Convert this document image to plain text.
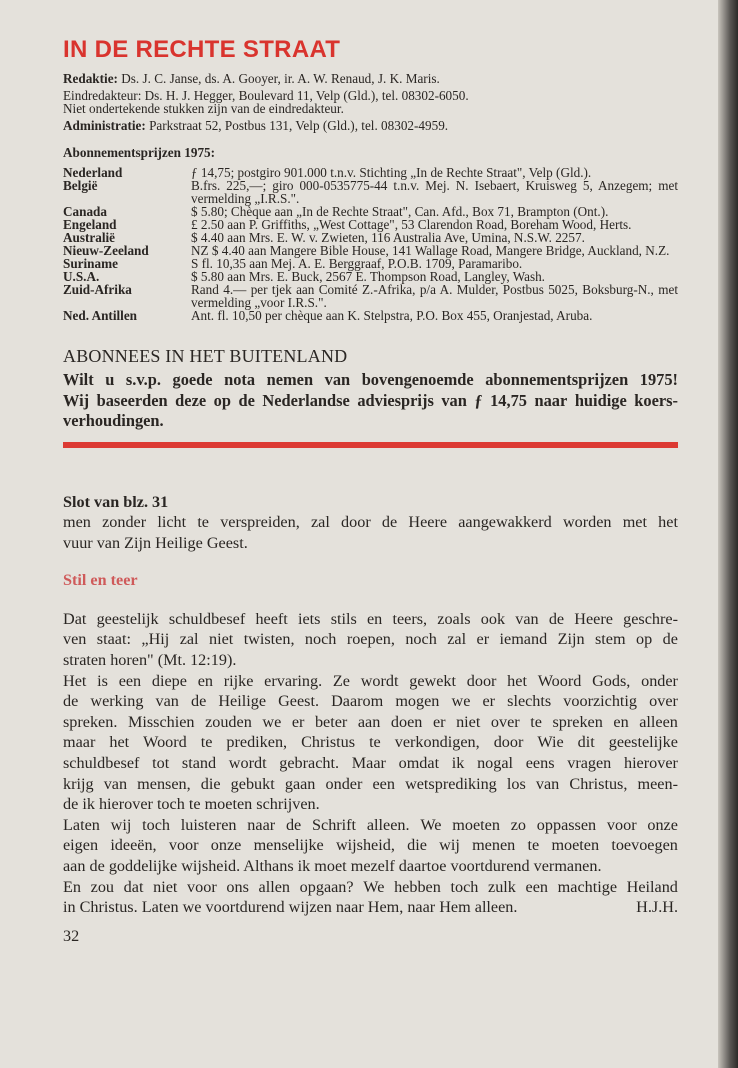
IN DE RECHTE STRAAT
Redaktie: Ds. J. C. Janse, ds. A. Gooyer, ir. A. W. Renaud, J. K. Maris.
Eindredakteur: Ds. H. J. Hegger, Boulevard 11, Velp (Gld.), tel. 08302-6050.
Niet ondertekende stukken zijn van de eindredakteur.
Administratie: Parkstraat 52, Postbus 131, Velp (Gld.), tel. 08302-4959.
Abonnementsprijzen 1975:
Nederland	ƒ 14,75; postgiro 901.000 t.n.v. Stichting „In de Rechte Straat", Velp (Gld.).
België	B.frs. 225,—; giro 000-0535775-44 t.n.v. Mej. N. Isebaert, Kruisweg 5, Anzegem; met vermelding „I.R.S.".
Canada	$ 5.80; Chèque aan „In de Rechte Straat", Can. Afd., Box 71, Brampton (Ont.).
Engeland	£ 2.50 aan P. Griffiths, „West Cottage", 53 Clarendon Road, Boreham Wood, Herts.
Australië	$ 4.40 aan Mrs. E. W. v. Zwieten, 116 Australia Ave, Umina, N.S.W. 2257.
Nieuw-Zeeland	NZ $ 4.40 aan Mangere Bible House, 141 Wallage Road, Mangere Bridge, Auckland, N.Z.
Suriname	S fl. 10,35 aan Mej. A. E. Berggraaf, P.O.B. 1709, Paramaribo.
U.S.A.	$ 5.80 aan Mrs. E. Buck, 2567 E. Thompson Road, Langley, Wash.
Zuid-Afrika	Rand 4.— per tjek aan Comité Z.-Afrika, p/a A. Mulder, Postbus 5025, Boksburg-N., met vermelding „voor I.R.S.".
Ned. Antillen	Ant. fl. 10,50 per chèque aan K. Stelpstra, P.O. Box 455, Oranjestad, Aruba.
ABONNEES IN HET BUITENLAND
Wilt u s.v.p. goede nota nemen van bovengenoemde abonnementsprijzen 1975!
Wij baseerden deze op de Nederlandse adviesprijs van ƒ 14,75 naar huidige koers-
verhoudingen.
Slot van blz. 31
men zonder licht te verspreiden, zal door de Heere aangewakkerd worden met het
vuur van Zijn Heilige Geest.
Stil en teer
Dat geestelijk schuldbesef heeft iets stils en teers, zoals ook van de Heere geschre-
ven staat: „Hij zal niet twisten, noch roepen, noch zal er iemand Zijn stem op de
straten horen" (Mt. 12:19).
Het is een diepe en rijke ervaring. Ze wordt gewekt door het Woord Gods, onder
de werking van de Heilige Geest. Daarom mogen we er slechts voorzichtig over
spreken. Misschien zouden we er beter aan doen er niet over te spreken en alleen
maar het Woord te prediken, Christus te verkondigen, door Wie dit geestelijke
schuldbesef tot stand wordt gebracht. Maar omdat ik nogal eens vragen hierover
krijg van mensen, die gebukt gaan onder een wetsprediking los van Christus, meen-
de ik hierover toch te moeten schrijven.
Laten wij toch luisteren naar de Schrift alleen. We moeten zo oppassen voor onze
eigen ideeën, voor onze menselijke wijsheid, die wij menen te moeten toevoegen
aan de goddelijke wijsheid. Althans ik moet mezelf daartoe voortdurend vermanen.
En zou dat niet voor ons allen opgaan? We hebben toch zulk een machtige Heiland
in Christus. Laten we voortdurend wijzen naar Hem, naar Hem alleen.	H.J.H.
32
